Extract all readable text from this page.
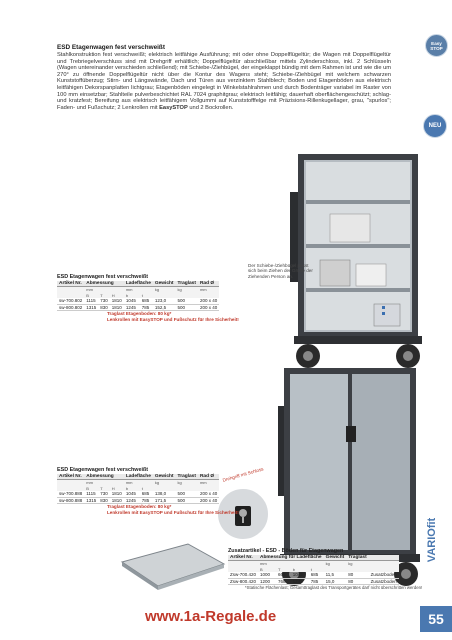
ESD Etagenwagen fest verschweißt
Stahlkonstruktion fest verschweißt; elektrisch leitfähige Ausführung; mit oder ohne Doppelflügeltür; die Wagen mit Doppelflügeltür und Trebriegelverschluss sind mit Drehgriff erhältlich; Doppelflügeltür abschließbar mittels Zylinderschloss, inkl. 2 Schlüsseln (Wagen untereinander verschieden schließend); mit Schiebe-/Ziehbügel, der eingeklappt bündig mit dem Rahmen ist und wie die um 270° zu öffnende Doppelflügeltür nicht über die Kontur des Wagens steht; Schiebe-/Ziehbügel mit welchem schwarzen Kunststoffüberzug; Stirn- und Längswände, Dach und Türen aus verzinktem Stahlblech; Boden und Etagenböden aus elektrisch leitfähigen Dekorspanplatten lichtgrau; Etagenböden eingelegt in Winkelstahlrahmen und durch Bodenträger variabel im Raster von 100 mm einsetzbar; Stahlteile pulverbeschichtet RAL 7024 graphitgrau; elektrisch leitfähig; dauerhaft oberflächengeschützt; schlag- und kratzfest; Bereifung aus elektrisch leitfähigem Vollgummi auf Kunststofffelge mit Präzisions-Rillenkugellager, grau, "spurlos"; Faden- und Fußschutz; 2 Lenkrollen mit EasySTOP und 2 Bockrollen.
Easy
STOP
NEU
Der Schiebe-/Ziehbügel passt sich beim Ziehen der Größe der Ziehenden Person an.
ESD Etagenwagen fest verschweißt
Artikel Nr.	Abmessung			Ladefläche		Gewicht	Traglast	Rad Ø
	mm			mm		kg	kg	mm
	B	T	H	b	t			
sw-700.802	1115	730	1810	1045	685	123,0	500	200 x 40
sw-800.802	1315	830	1810	1245	785	152,5	500	200 x 40
Traglast Etagenboden: 80 kg*
Lenkrollen mit EasySTOP und Fußschutz für Ihre Sicherheit!
Drehgriff mit Schloss
ESD Etagenwagen fest verschweißt
Artikel Nr.	Abmessung			Ladefläche		Gewicht	Traglast	Rad Ø
	mm			mm		kg	kg	mm
	B	T	H	b	t			
sw-700.888	1115	730	1810	1045	685	138,0	500	200 x 40
sw-800.888	1315	830	1810	1245	785	171,5	500	200 x 40
Traglast Etagenboden: 80 kg*
Lenkrollen mit EasySTOP und Fußschutz für Ihre Sicherheit!
Zusatzartikel - ESD - Böden für Etagenwagen
Artikel Nr.	Abmessung für Ladefläche				Gewicht	Traglast	
	mm				kg	kg	
	B	T	b	t			
Zsw-700.420	1000	668	1045	685	11,5	80	Zusatzboden
Zsw-800.420	1200	768	1245	785	15,0	80	Zusatzboden
VARIOfit
*Statische Flächenlast; Gesamttraglast des Transportgerätes darf nicht überschritten werden!
www.1a-Regale.de	55
